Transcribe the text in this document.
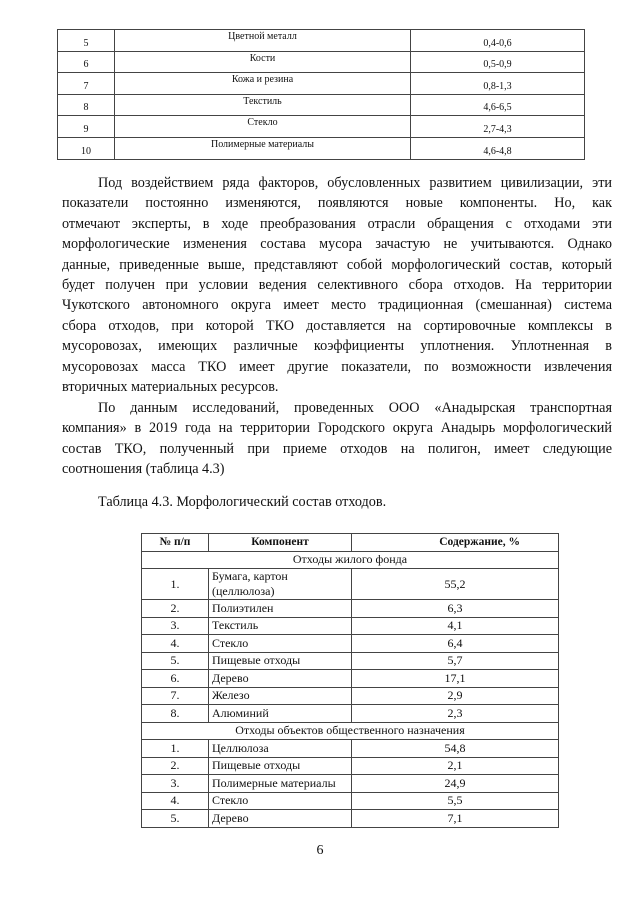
5	Цветной металл	0,4-0,6
6	Кости	0,5-0,9
7	Кожа и резина	0,8-1,3
8	Текстиль	4,6-6,5
9	Стекло	2,7-4,3
10	Полимерные материалы	4,6-4,8
Под воздействием ряда факторов, обусловленных развитием цивилизации, эти
показатели постоянно изменяются, появляются новые компоненты. Но, как
отмечают эксперты, в ходе преобразования отрасли обращения с отходами эти
морфологические изменения состава мусора зачастую не учитываются. Однако
данные, приведенные выше, представляют собой морфологический состав, который
будет получен при условии ведения селективного сбора отходов. На территории
Чукотского автономного округа имеет место традиционная (смешанная) система
сбора отходов, при которой ТКО доставляется на сортировочные комплексы в
мусоровозах, имеющих различные коэффициенты уплотнения. Уплотненная в
мусоровозах масса ТКО имеет другие показатели, по возможности извлечения
вторичных материальных ресурсов.
По данным исследований, проведенных ООО «Анадырская транспортная
компания» в 2019 года на территории Городского округа Анадырь морфологический
состав ТКО, полученный при приеме отходов на полигон, имеет следующие
соотношения (таблица 4.3)

Таблица 4.3. Морфологический состав отходов.

№ п/п	Компонент	Содержание, %
Отходы жилого фонда		
1.	Бумага, картон (целлюлоза)	55,2
2.	Полиэтилен	6,3
3.	Текстиль	4,1
4.	Стекло	6,4
5.	Пищевые отходы	5,7
6.	Дерево	17,1
7.	Железо	2,9
8.	Алюминий	2,3
Отходы объектов общественного назначения		
1.	Целлюлоза	54,8
2.	Пищевые отходы	2,1
3.	Полимерные материалы	24,9
4.	Стекло	5,5
5.	Дерево	7,1

6
